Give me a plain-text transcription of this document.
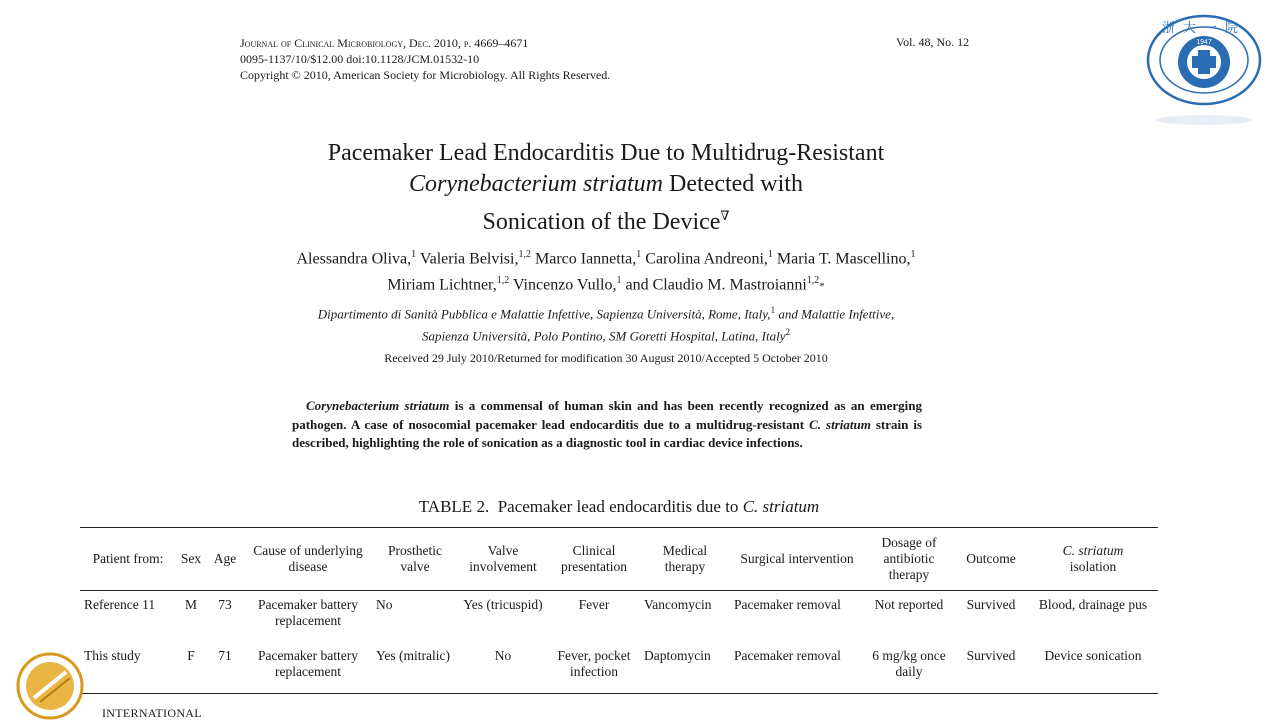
Journal of Clinical Microbiology, Dec. 2010, p. 4669–4671
0095-1137/10/$12.00 doi:10.1128/JCM.01532-10
Copyright © 2010, American Society for Microbiology. All Rights Reserved.
Vol. 48, No. 12	1947
浙大一院
Pacemaker Lead Endocarditis Due to Multidrug-Resistant
Corynebacterium striatum Detected with
Sonication of the Device∇
Alessandra Oliva,$^1$ Valeria Belvisi,$^{1,2}$ Marco Iannetta,$^1$ Carolina Andreoni,$^1$ Maria T. Mascellino,$^1$
Miriam Lichtner,$^{1,2}$ Vincenzo Vullo,$^1$ and Claudio M. Mastroianni$^{1,2}$*
Dipartimento di Sanità Pubblica e Malattie Infettive, Sapienza Università, Rome, Italy,$^1$ and Malattie Infettive,
Sapienza Università, Polo Pontino, SM Goretti Hospital, Latina, Italy$^2$
Received 29 July 2010/Returned for modification 30 August 2010/Accepted 5 October 2010
Corynebacterium striatum is a commensal of human skin and has been recently recognized as an emerging pathogen. A case of nosocomial pacemaker lead endocarditis due to a multidrug-resistant C. striatum strain is described, highlighting the role of sonication as a diagnostic tool in cardiac device infections.
TABLE 2. Pacemaker lead endocarditis due to C. striatum
Patient from:	Sex	Age	Cause of underlying disease	Prosthetic valve	Valve involvement	Clinical presentation	Medical therapy	Surgical intervention	Dosage of antibiotic therapy	Outcome	C. striatum
isolation
Reference 11	M	73	Pacemaker battery replacement	No	Yes (tricuspid)	Fever	Vancomycin	Pacemaker removal	Not reported	Survived	Blood, drainage pus
This study	F	71	Pacemaker battery replacement	Yes (mitralic)	No	Fever, pocket infection	Daptomycin	Pacemaker removal	6 mg/kg once daily	Survived	Device sonication
INTERNATIONAL
